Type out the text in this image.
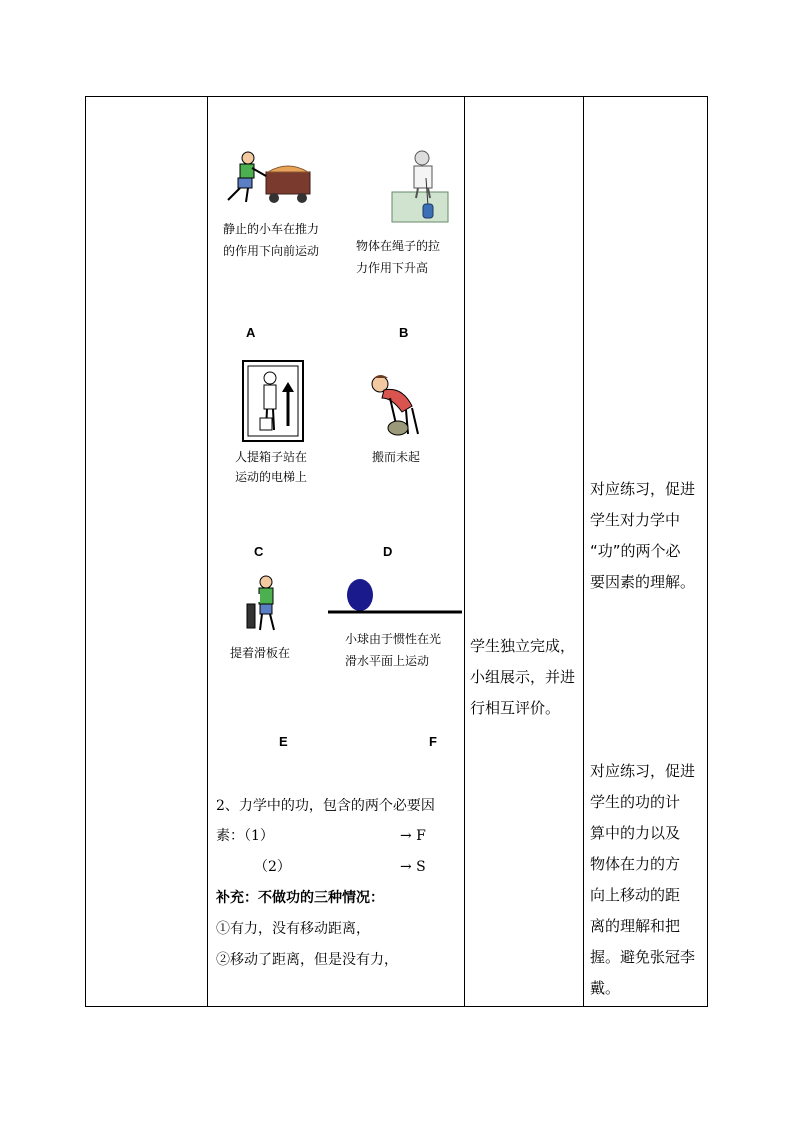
静止的小车在推力
的作用下向前运动	物体在绳子的拉
力作用下升高
A	B
人提箱子站在
运动的电梯上
搬而未起
C	D
提着滑板在
小球由于惯性在光
滑水平面上运动
E	F
2、力学中的功，包含的两个必要因
素：（1）	→ F
（2）	→ S
补充：不做功的三种情况：
①有力，没有移动距离，
②移动了距离，但是没有力，
学生独立完成，
小组展示，并进
行相互评价。
对应练习，促进
学生对力学中
“功”的两个必
要因素的理解。
对应练习，促进
学生的功的计
算中的力以及
物体在力的方
向上移动的距
离的理解和把
握。避免张冠李
戴。
